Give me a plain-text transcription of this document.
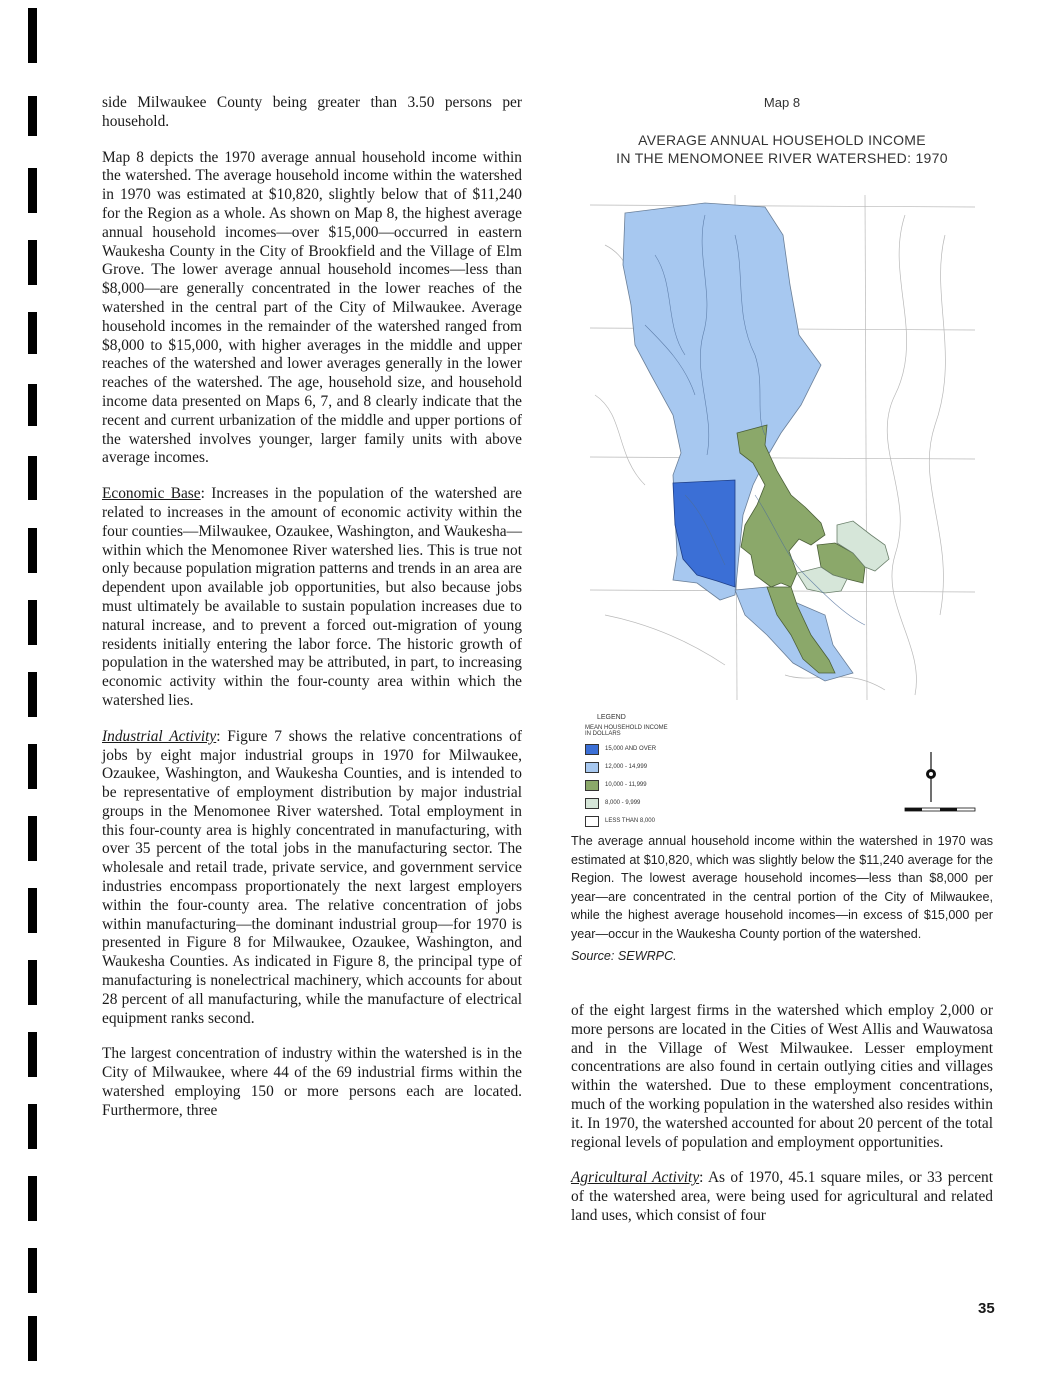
side Milwaukee County being greater than 3.50 persons per household.

Map 8 depicts the 1970 average annual household income within the watershed. The average household income within the watershed in 1970 was estimated at $10,820, slightly below that of $11,240 for the Region as a whole. As shown on Map 8, the highest average annual household incomes—over $15,000—occurred in eastern Waukesha County in the City of Brookfield and the Village of Elm Grove. The lower average annual household incomes—less than $8,000—are generally concentrated in the lower reaches of the watershed in the central part of the City of Milwaukee. Average household incomes in the remainder of the watershed ranged from $8,000 to $15,000, with higher averages in the middle and upper reaches of the watershed and lower averages generally in the lower reaches of the watershed. The age, household size, and household income data presented on Maps 6, 7, and 8 clearly indicate that the recent and current urbanization of the middle and upper portions of the watershed involves younger, larger family units with above average incomes.

Economic Base: Increases in the population of the watershed are related to increases in the amount of economic activity within the four counties—Milwaukee, Ozaukee, Washington, and Waukesha—within which the Menomonee River watershed lies. This is true not only because population migration patterns and trends in an area are dependent upon available job opportunities, but also because jobs must ultimately be available to sustain population increases due to natural increase, and to prevent a forced out-migration of young residents initially entering the labor force. The historic growth of population in the watershed may be attributed, in part, to increasing economic activity within the four-county area within which the watershed lies.

Industrial Activity: Figure 7 shows the relative concentrations of jobs by eight major industrial groups in 1970 for Milwaukee, Ozaukee, Washington, and Waukesha Counties, and is intended to be representative of employment distribution by major industrial groups in the Menomonee River watershed. Total employment in this four-county area is highly concentrated in manufacturing, with over 35 percent of the total jobs in the manufacturing sector. The wholesale and retail trade, private service, and government service industries encompass proportionately the next largest employers within the four-county area. The relative concentration of jobs within manufacturing—the dominant industrial group—for 1970 is presented in Figure 8 for Milwaukee, Ozaukee, Washington, and Waukesha Counties. As indicated in Figure 8, the principal type of manufacturing is nonelectrical machinery, which accounts for about 28 percent of all manufacturing, while the manufacture of electrical equipment ranks second.

The largest concentration of industry within the watershed is in the City of Milwaukee, where 44 of the 69 industrial firms within the watershed employing 150 or more persons each are located. Furthermore, three

Map 8
AVERAGE ANNUAL HOUSEHOLD INCOME
IN THE MENOMONEE RIVER WATERSHED: 1970
LEGEND
MEAN HOUSEHOLD INCOME
IN DOLLARS
15,000 AND OVER
12,000 - 14,999
10,000 - 11,999
8,000 - 9,999
LESS THAN 8,000

The average annual household income within the watershed in 1970 was estimated at $10,820, which was slightly below the $11,240 average for the Region. The lowest average household incomes—less than $8,000 per year—are concentrated in the central portion of the City of Milwaukee, while the highest average household incomes—in excess of $15,000 per year—occur in the Waukesha County portion of the watershed.

Source: SEWRPC.

of the eight largest firms in the watershed which employ 2,000 or more persons are located in the Cities of West Allis and Wauwatosa and in the Village of West Milwaukee. Lesser employment concentrations are also found in certain outlying cities and villages within the watershed. Due to these employment concentrations, much of the working population in the watershed also resides within it. In 1970, the watershed accounted for about 20 percent of the total regional levels of population and employment opportunities.

Agricultural Activity: As of 1970, 45.1 square miles, or 33 percent of the watershed area, were being used for agricultural and related land uses, which consist of four

35
